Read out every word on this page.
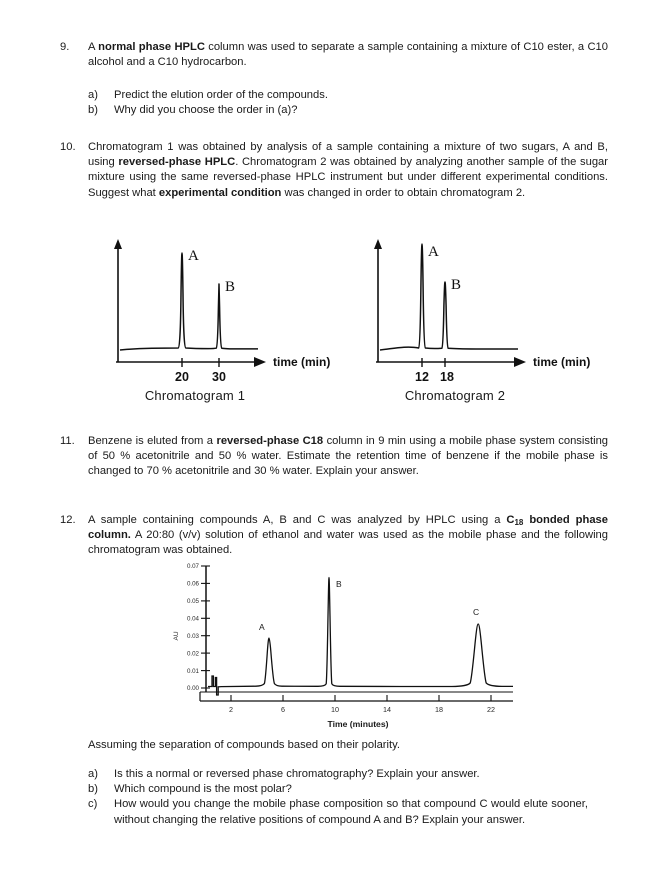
9.	A normal phase HPLC column was used to separate a sample containing a mixture of C10 ester, a C10 alcohol and a C10 hydrocarbon.
a)	Predict the elution order of the compounds.
b)	Why did you choose the order in (a)?
10.	Chromatogram 1 was obtained by analysis of a sample containing a mixture of two sugars, A and B, using reversed-phase HPLC. Chromatogram 2 was obtained by analyzing another sample of the sugar mixture using the same reversed-phase HPLC instrument but under different experimental conditions. Suggest what experimental condition was changed in order to obtain chromatogram 2.
20 30
time (min)
A
B
Chromatogram 1
12 18
time (min)
A
B
Chromatogram 2
11.	Benzene is eluted from a reversed-phase C18 column in 9 min using a mobile phase system consisting of 50 % acetonitrile and 50 % water. Estimate the retention time of benzene if the mobile phase is changed to 70 % acetonitrile and 30 % water. Explain your answer.
12.	A sample containing compounds A, B and C was analyzed by HPLC using a $C_{18}$ bonded phase column. A 20:80 (v/v) solution of ethanol and water was used as the mobile phase and the following chromatogram was obtained.
0.00
0.01
0.02
0.03
0.04
0.05
0.06
0.07
AU
2	6	10	14	18	22
Time (minutes)
A
B
C
Assuming the separation of compounds based on their polarity.
a)	Is this a normal or reversed phase chromatography? Explain your answer.
b)	Which compound is the most polar?
c)	How would you change the mobile phase composition so that compound C would elute sooner, without changing the relative positions of compound A and B? Explain your answer.
